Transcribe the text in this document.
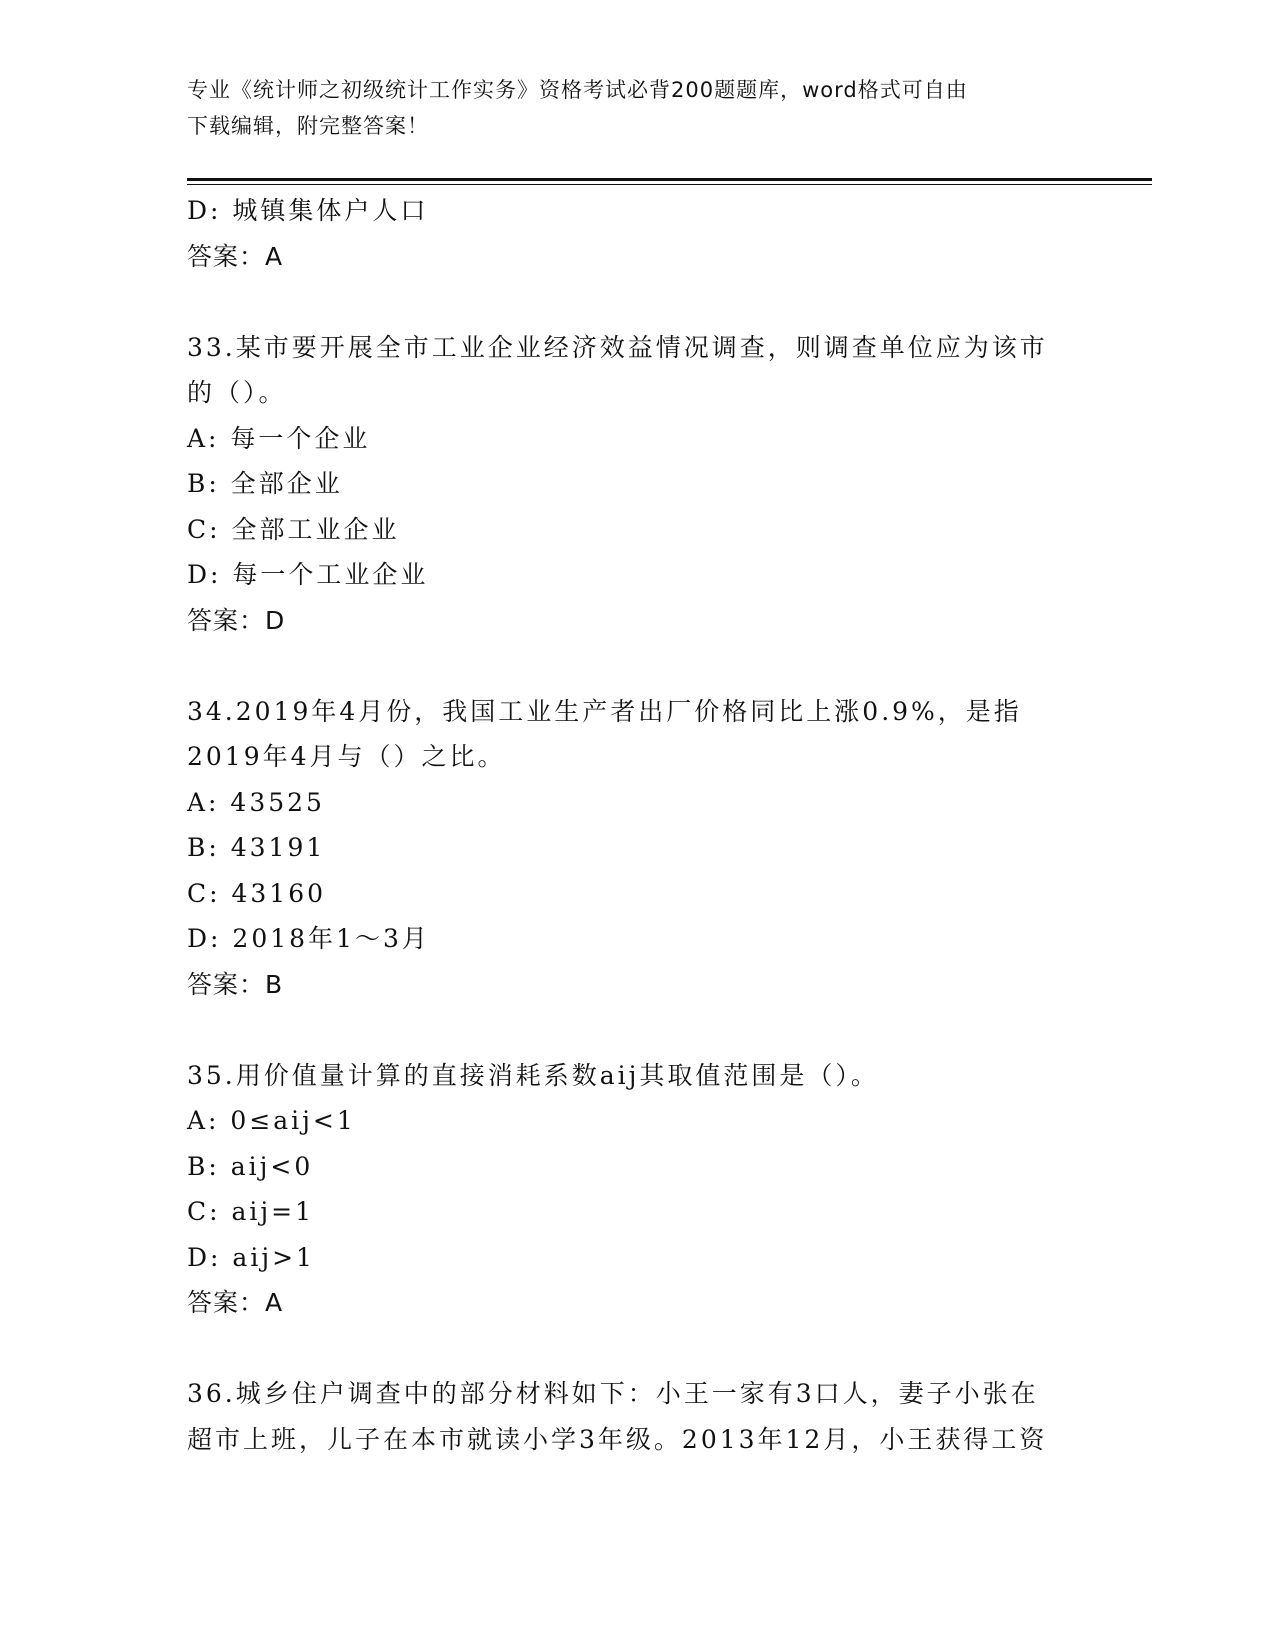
专业《统计师之初级统计工作实务》资格考试必背200题题库，word格式可自由
下载编辑，附完整答案！
D: 城镇集体户人口
答案：A
33.某市要开展全市工业企业经济效益情况调查，则调查单位应为该市
的（）。
A: 每一个企业
B: 全部企业
C: 全部工业企业
D: 每一个工业企业
答案：D
34.2019年4月份，我国工业生产者出厂价格同比上涨0.9%，是指
2019年4月与（）之比。
A: 43525
B: 43191
C: 43160
D: 2018年1～3月
答案：B
35.用价值量计算的直接消耗系数aij其取值范围是（）。
A: 0≤aij<1
B: aij<0
C: aij=1
D: aij>1
答案：A
36.城乡住户调查中的部分材料如下：小王一家有3口人，妻子小张在
超市上班，儿子在本市就读小学3年级。2013年12月，小王获得工资
